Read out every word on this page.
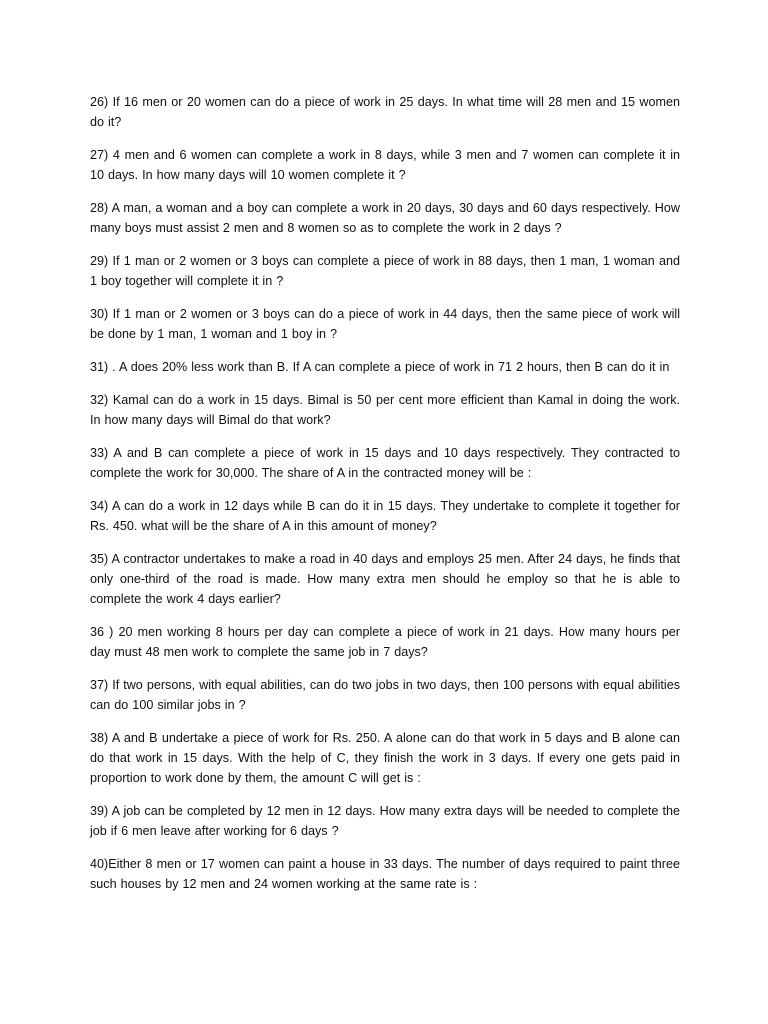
26) If 16 men or 20 women can do a piece of work in 25 days. In what time will 28 men and 15 women do it?

27) 4 men and 6 women can complete a work in 8 days, while 3 men and 7 women can complete it in 10 days. In how many days will 10 women complete it ?

28) A man, a woman and a boy can complete a work in 20 days, 30 days and 60 days respectively. How many boys must assist 2 men and 8 women so as to complete the work in 2 days ?

29) If 1 man or 2 women or 3 boys can complete a piece of work in 88 days, then 1 man, 1 woman and 1 boy together will complete it in ?

30) If 1 man or 2 women or 3 boys can do a piece of work in 44 days, then the same piece of work will be done by 1 man, 1 woman and 1 boy in ?

31) . A does 20% less work than B. If A can complete a piece of work in 71 2 hours, then B can do it in

32) Kamal can do a work in 15 days. Bimal is 50 per cent more efficient than Kamal in doing the work. In how many days will Bimal do that work?

33) A and B can complete a piece of work in 15 days and 10 days respectively. They contracted to complete the work for 30,000. The share of A in the contracted money will be :

34) A can do a work in 12 days while B can do it in 15 days. They undertake to complete it together for Rs. 450. what will be the share of A in this amount of money?

35) A contractor undertakes to make a road in 40 days and employs 25 men. After 24 days, he finds that only one-third of the road is made. How many extra men should he employ so that he is able to complete the work 4 days earlier?

36 ) 20 men working 8 hours per day can complete a piece of work in 21 days. How many hours per day must 48 men work to complete the same job in 7 days?

37) If two persons, with equal abilities, can do two jobs in two days, then 100 persons with equal abilities can do 100 similar jobs in ?

38) A and B undertake a piece of work for Rs. 250. A alone can do that work in 5 days and B alone can do that work in 15 days. With the help of C, they finish the work in 3 days. If every one gets paid in proportion to work done by them, the amount C will get is :

39) A job can be completed by 12 men in 12 days. How many extra days will be needed to complete the job if 6 men leave after working for 6 days ?

40)Either 8 men or 17 women can paint a house in 33 days. The number of days required to paint three such houses by 12 men and 24 women working at the same rate is :
